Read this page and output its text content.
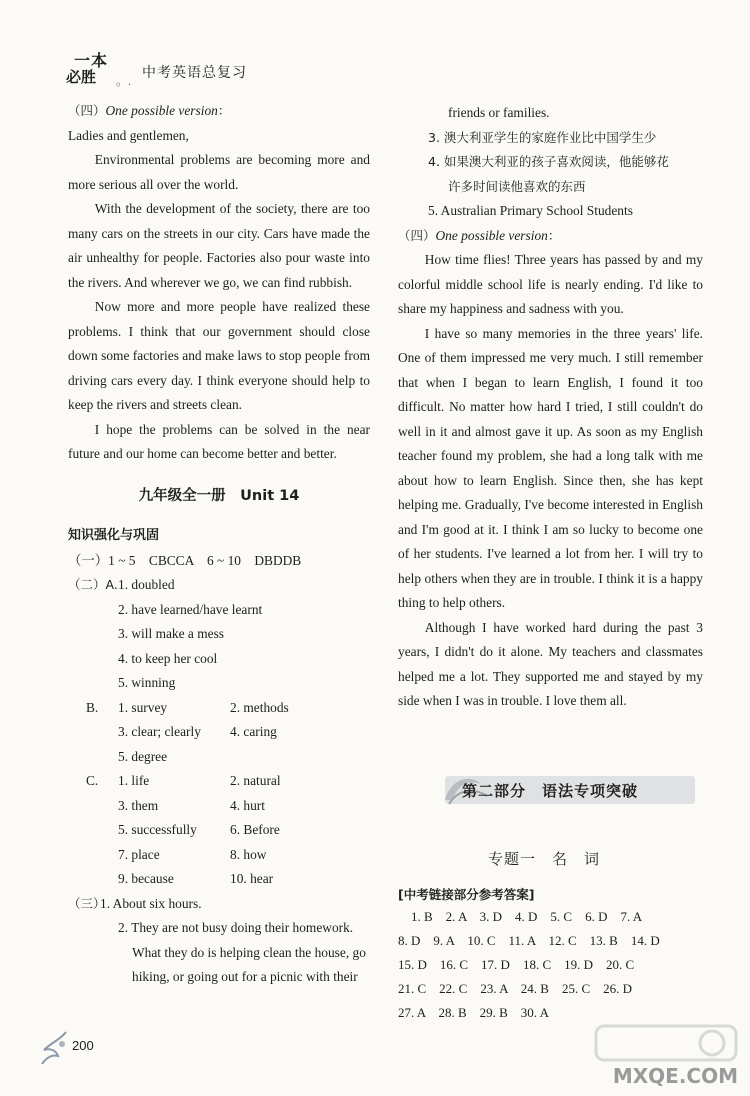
一本
必胜 。. 中考英语总复习

（四）One possible version：

Ladies and gentlemen,

Environmental problems are becoming more and more serious all over the world.

With the development of the society, there are too many cars on the streets in our city. Cars have made the air unhealthy for people. Factories also pour waste into the rivers. And wherever we go, we can find rubbish.

Now more and more people have realized these problems. I think that our government should close down some factories and make laws to stop people from driving cars every day. I think everyone should help to keep the rivers and streets clean.

I hope the problems can be solved in the near future and our home can become better and better.

九年级全一册　Unit 14

知识强化与巩固

（一）1 ~ 5　CBCCA　6 ~ 10　DBDDB

（二）A. 1. doubled

2. have learned/have learnt

3. will make a mess

4. to keep her cool

5. winning

B.	1. survey	2. methods
3. clear; clearly	4. caring
5. degree
C.	1. life	2. natural
3. them	4. hurt
5. successfully	6. Before
7. place	8. how
9. because	10. hear
（三）
1. About six hours.

2. They are not busy doing their homework.

What they do is helping clean the house, go

hiking, or going out for a picnic with their

friends or families.

3. 澳大利亚学生的家庭作业比中国学生少

4. 如果澳大利亚的孩子喜欢阅读，他能够花

许多时间读他喜欢的东西

5. Australian Primary School Students

（四）One possible version：

How time flies! Three years has passed by and my colorful middle school life is nearly ending. I'd like to share my happiness and sadness with you.

I have so many memories in the three years' life. One of them impressed me very much. I still remember that when I began to learn English, I found it too difficult. No matter how hard I tried, I still couldn't do well in it and almost gave it up. As soon as my English teacher found my problem, she had a long talk with me about how to learn English. Since then, she has kept helping me. Gradually, I've become interested in English and I'm good at it. I think I am so lucky to become one of her students. I've learned a lot from her. I will try to help others when they are in trouble. I think it is a happy thing to help others.

Although I have worked hard during the past 3 years, I didn't do it alone. My teachers and classmates helped me a lot. They supported me and stayed by my side when I was in trouble. I love them all.

第二部分　语法专项突破
专题一　名　词
[中考链接部分参考答案]
　1. B　2. A　3. D　4. D　5. C　6. D　7. A
8. D　9. A　10. C　11. A　12. C　13. B　14. D
15. D　16. C　17. D　18. C　19. D　20. C
21. C　22. C　23. A　24. B　25. C　26. D
27. A　28. B　29. B　30. A
200
MXQE.COM
